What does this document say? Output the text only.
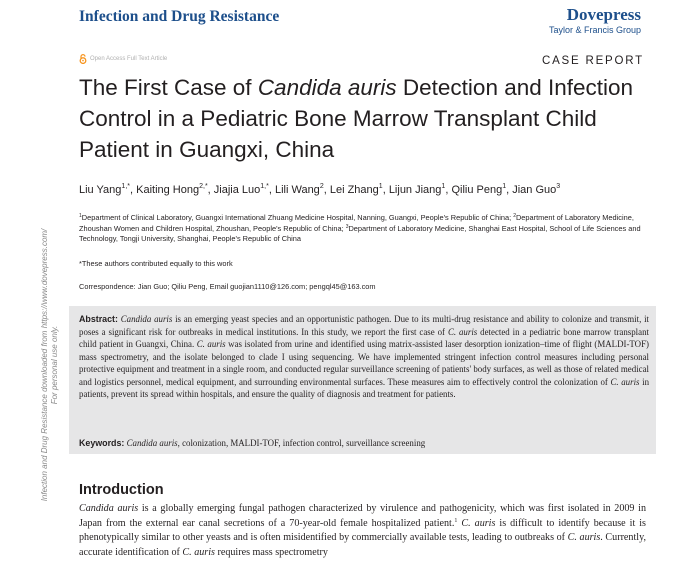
Infection and Drug Resistance	Dovepress
Taylor & Francis Group
Open Access Full Text Article	CASE REPORT
The First Case of Candida auris Detection and Infection Control in a Pediatric Bone Marrow Transplant Child Patient in Guangxi, China
Liu Yang$^{1,*}$, Kaiting Hong$^{2,*}$, Jiajia Luo$^{1,*}$, Lili Wang$^2$, Lei Zhang$^1$, Lijun Jiang$^1$, Qiliu Peng$^1$, Jian Guo$^3$
$^1$Department of Clinical Laboratory, Guangxi International Zhuang Medicine Hospital, Nanning, Guangxi, People's Republic of China; $^2$Department of Laboratory Medicine, Zhoushan Women and Children Hospital, Zhoushan, People's Republic of China; $^3$Department of Laboratory Medicine, Shanghai East Hospital, School of Life Sciences and Technology, Tongji University, Shanghai, People's Republic of China
*These authors contributed equally to this work
Correspondence: Jian Guo; Qiliu Peng, Email guojian1110@126.com; pengql45@163.com
Abstract: Candida auris is an emerging yeast species and an opportunistic pathogen. Due to its multi-drug resistance and ability to colonize and transmit, it poses a significant risk for outbreaks in medical institutions. In this study, we report the first case of C. auris detected in a pediatric bone marrow transplant child patient in Guangxi, China. C. auris was isolated from urine and identified using matrix-assisted laser desorption ionization–time of flight (MALDI-TOF) mass spectrometry, and the isolate belonged to clade I using sequencing. We have implemented stringent infection control measures including personal protective equipment and treatment in a single room, and conducted regular surveillance screening of patients' body surfaces, as well as those of related medical and logistics personnel, medical equipment, and surrounding environmental surfaces. These measures aim to effectively control the colonization of C. auris in patients, prevent its spread within hospitals, and ensure the quality of diagnosis and treatment for patients.
Keywords: Candida auris, colonization, MALDI-TOF, infection control, surveillance screening
Introduction
Candida auris is a globally emerging fungal pathogen characterized by virulence and pathogenicity, which was first isolated in 2009 in Japan from the external ear canal secretions of a 70-year-old female hospitalized patient.$^1$ C. auris is difficult to identify because it is phenotypically similar to other yeasts and is often misidentified by commercially available tests, leading to outbreaks of C. auris. Currently, accurate identification of C. auris requires mass spectrometry
Infection and Drug Resistance downloaded from https://www.dovepress.com/ For personal use only.
